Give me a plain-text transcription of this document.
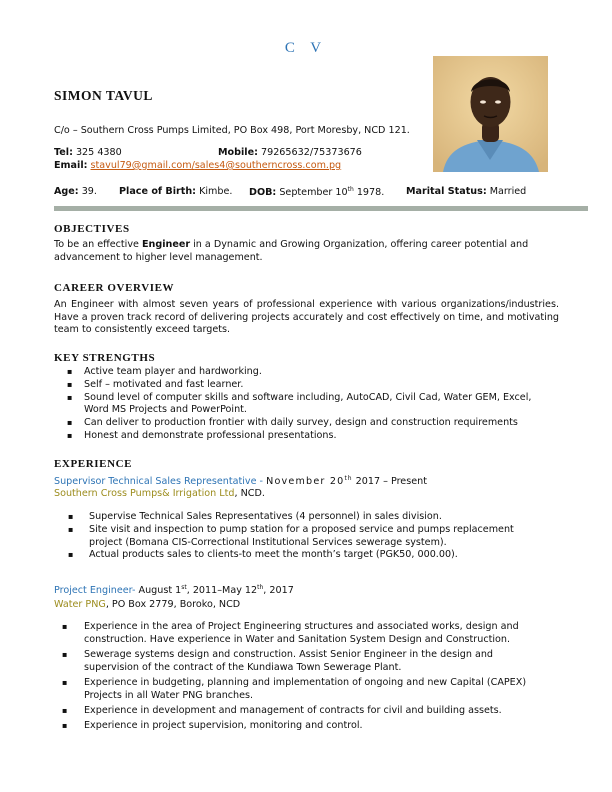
C V
SIMON TAVUL
C/o – Southern Cross Pumps Limited, PO Box 498, Port Moresby, NCD 121.
Tel: 325 4380	Mobile: 79265632/75373676
Email: stavul79@gmail.com/sales4@southerncross.com.pg
Age: 39. Place of Birth: Kimbe. DOB: September 10th 1978. Marital Status: Married
OBJECTIVES
To be an effective Engineer in a Dynamic and Growing Organization, offering career potential and advancement to higher level management.
CAREER OVERVIEW
An Engineer with almost seven years of professional experience with various organizations/industries. Have a proven track record of delivering projects accurately and cost effectively on time, and motivating team to consistently exceed targets.
KEY STRENGTHS
▪ Active team player and hardworking.
▪ Self – motivated and fast learner.
▪ Sound level of computer skills and software including, AutoCAD, Civil Cad, Water GEM, Excel, Word MS Projects and PowerPoint.
▪ Can deliver to production frontier with daily survey, design and construction requirements
▪ Honest and demonstrate professional presentations.
EXPERIENCE
Supervisor Technical Sales Representative - November 20th 2017 – Present
Southern Cross Pumps& Irrigation Ltd, NCD.
▪ Supervise Technical Sales Representatives (4 personnel) in sales division.
▪ Site visit and inspection to pump station for a proposed service and pumps replacement project (Bomana CIS-Correctional Institutional Services sewerage system).
▪ Actual products sales to clients-to meet the month’s target (PGK50, 000.00).
Project Engineer- August 1st, 2011–May 12th, 2017
Water PNG, PO Box 2779, Boroko, NCD
▪ Experience in the area of Project Engineering structures and associated works, design and construction. Have experience in Water and Sanitation System Design and Construction.
▪ Sewerage systems design and construction. Assist Senior Engineer in the design and supervision of the contract of the Kundiawa Town Sewerage Plant.
▪ Experience in budgeting, planning and implementation of ongoing and new Capital (CAPEX) Projects in all Water PNG branches.
▪ Experience in development and management of contracts for civil and building assets.
▪ Experience in project supervision, monitoring and control.
